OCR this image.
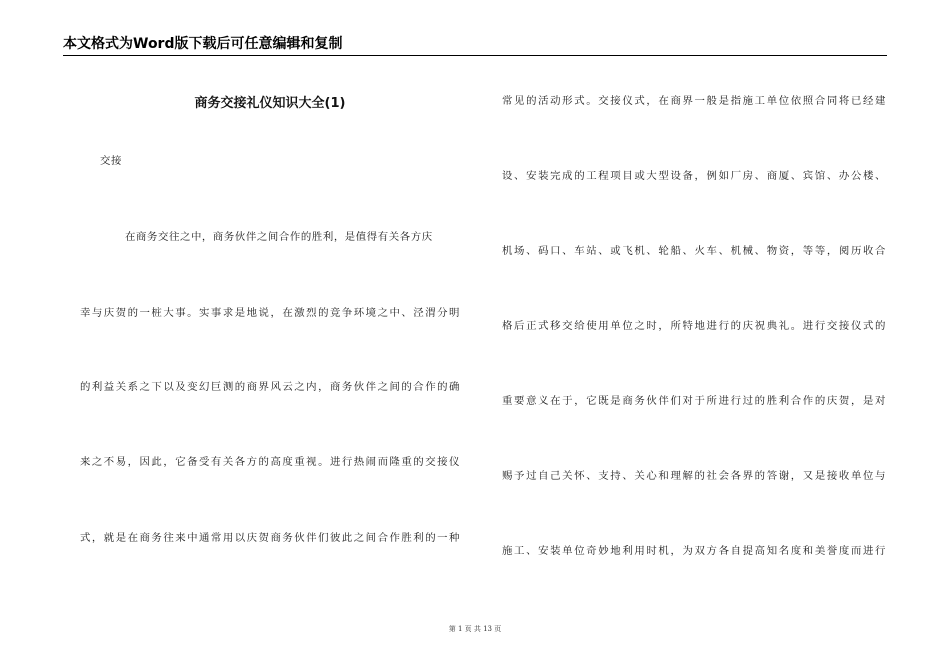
本文格式为Word版下载后可任意编辑和复制
商务交接礼仪知识大全(1)
交接
在商务交往之中，商务伙伴之间合作的胜利，是值得有关各方庆
幸与庆贺的一桩大事。实事求是地说，在激烈的竞争环境之中、泾渭分明
的利益关系之下以及变幻巨测的商界风云之内，商务伙伴之间的合作的确
来之不易，因此，它备受有关各方的高度重视。进行热闹而隆重的交接仪
式，就是在商务往来中通常用以庆贺商务伙伴们彼此之间合作胜利的一种
常见的活动形式。交接仪式，在商界一般是指施工单位依照合同将已经建
设、安装完成的工程项目或大型设备，例如厂房、商厦、宾馆、办公楼、
机场、码口、车站、或飞机、轮船、火车、机械、物资，等等，阅历收合
格后正式移交给使用单位之时，所特地进行的庆祝典礼。进行交接仪式的
重要意义在于，它既是商务伙伴们对于所进行过的胜利合作的庆贺，是对
赐予过自己关怀、支持、关心和理解的社会各界的答谢，又是接收单位与
施工、安装单位奇妙地利用时机，为双方各自提高知名度和美誉度而进行
第 1 页 共 13 页
